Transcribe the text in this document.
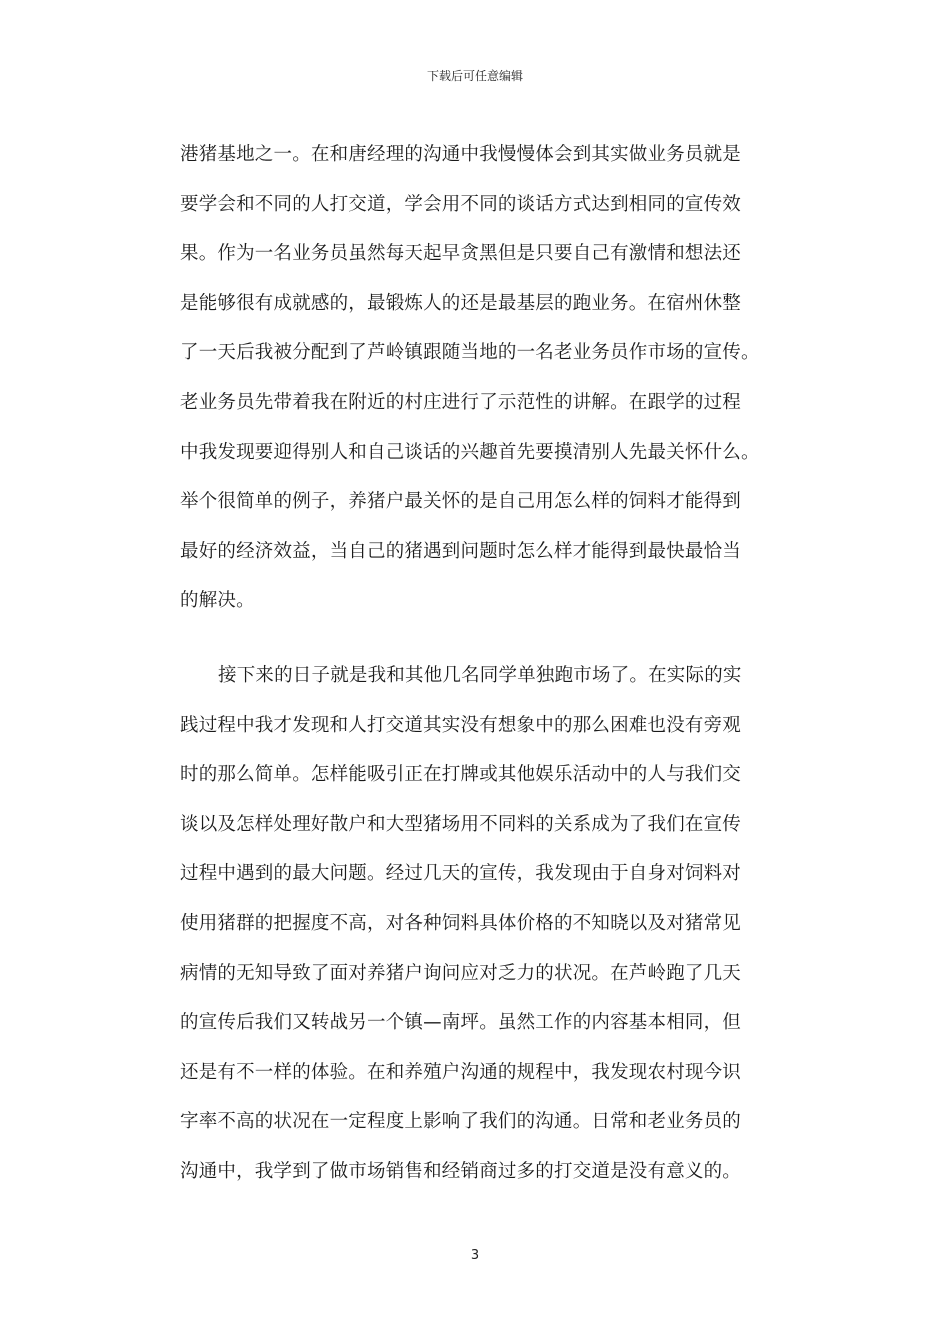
下载后可任意编辑

港猪基地之一。在和唐经理的沟通中我慢慢体会到其实做业务员就是
要学会和不同的人打交道，学会用不同的谈话方式达到相同的宣传效
果。作为一名业务员虽然每天起早贪黑但是只要自己有激情和想法还
是能够很有成就感的，最锻炼人的还是最基层的跑业务。在宿州休整
了一天后我被分配到了芦岭镇跟随当地的一名老业务员作市场的宣传。
老业务员先带着我在附近的村庄进行了示范性的讲解。在跟学的过程
中我发现要迎得别人和自己谈话的兴趣首先要摸清别人先最关怀什么。
举个很简单的例子，养猪户最关怀的是自己用怎么样的饲料才能得到
最好的经济效益，当自己的猪遇到问题时怎么样才能得到最快最恰当
的解决。

接下来的日子就是我和其他几名同学单独跑市场了。在实际的实
践过程中我才发现和人打交道其实没有想象中的那么困难也没有旁观
时的那么简单。怎样能吸引正在打牌或其他娱乐活动中的人与我们交
谈以及怎样处理好散户和大型猪场用不同料的关系成为了我们在宣传
过程中遇到的最大问题。经过几天的宣传，我发现由于自身对饲料对
使用猪群的把握度不高，对各种饲料具体价格的不知晓以及对猪常见
病情的无知导致了面对养猪户询问应对乏力的状况。在芦岭跑了几天
的宣传后我们又转战另一个镇—南坪。虽然工作的内容基本相同，但
还是有不一样的体验。在和养殖户沟通的规程中，我发现农村现今识
字率不高的状况在一定程度上影响了我们的沟通。日常和老业务员的
沟通中，我学到了做市场销售和经销商过多的打交道是没有意义的。

3
